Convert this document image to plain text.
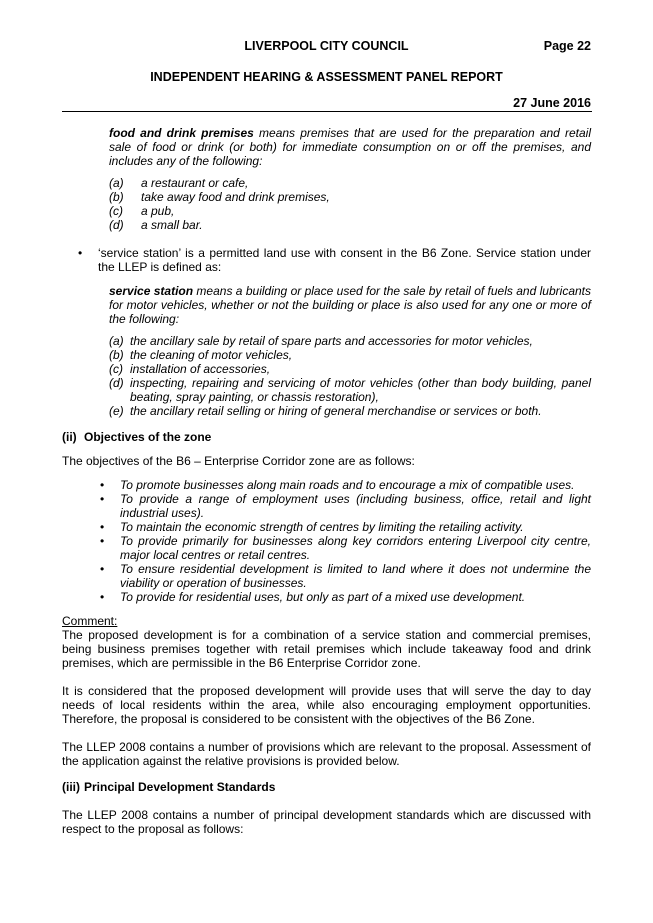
LIVERPOOL CITY COUNCIL	Page 22
INDEPENDENT HEARING & ASSESSMENT PANEL REPORT
27 June 2016

food and drink premises means premises that are used for the preparation and retail sale of food or drink (or both) for immediate consumption on or off the premises, and includes any of the following:

(a)	a restaurant or cafe,
(b)	take away food and drink premises,
(c)	a pub,
(d)	a small bar.
•	‘service station’ is a permitted land use with consent in the B6 Zone. Service station under the LLEP is defined as:

service station means a building or place used for the sale by retail of fuels and lubricants for motor vehicles, whether or not the building or place is also used for any one or more of the following:

(a) the ancillary sale by retail of spare parts and accessories for motor vehicles,
(b) the cleaning of motor vehicles,
(c) installation of accessories,
(d) inspecting, repairing and servicing of motor vehicles (other than body building, panel beating, spray painting, or chassis restoration),
(e) the ancillary retail selling or hiring of general merchandise or services or both.
(ii) Objectives of the zone

The objectives of the B6 – Enterprise Corridor zone are as follows:

•	To promote businesses along main roads and to encourage a mix of compatible uses.
•	To provide a range of employment uses (including business, office, retail and light industrial uses).
•	To maintain the economic strength of centres by limiting the retailing activity.
•	To provide primarily for businesses along key corridors entering Liverpool city centre, major local centres or retail centres.
•	To ensure residential development is limited to land where it does not undermine the viability or operation of businesses.
•	To provide for residential uses, but only as part of a mixed use development.

Comment:

The proposed development is for a combination of a service station and commercial premises, being business premises together with retail premises which include takeaway food and drink premises, which are permissible in the B6 Enterprise Corridor zone.

It is considered that the proposed development will provide uses that will serve the day to day needs of local residents within the area, while also encouraging employment opportunities. Therefore, the proposal is considered to be consistent with the objectives of the B6 Zone.

The LLEP 2008 contains a number of provisions which are relevant to the proposal. Assessment of the application against the relative provisions is provided below.

(iii) Principal Development Standards

The LLEP 2008 contains a number of principal development standards which are discussed with respect to the proposal as follows:
